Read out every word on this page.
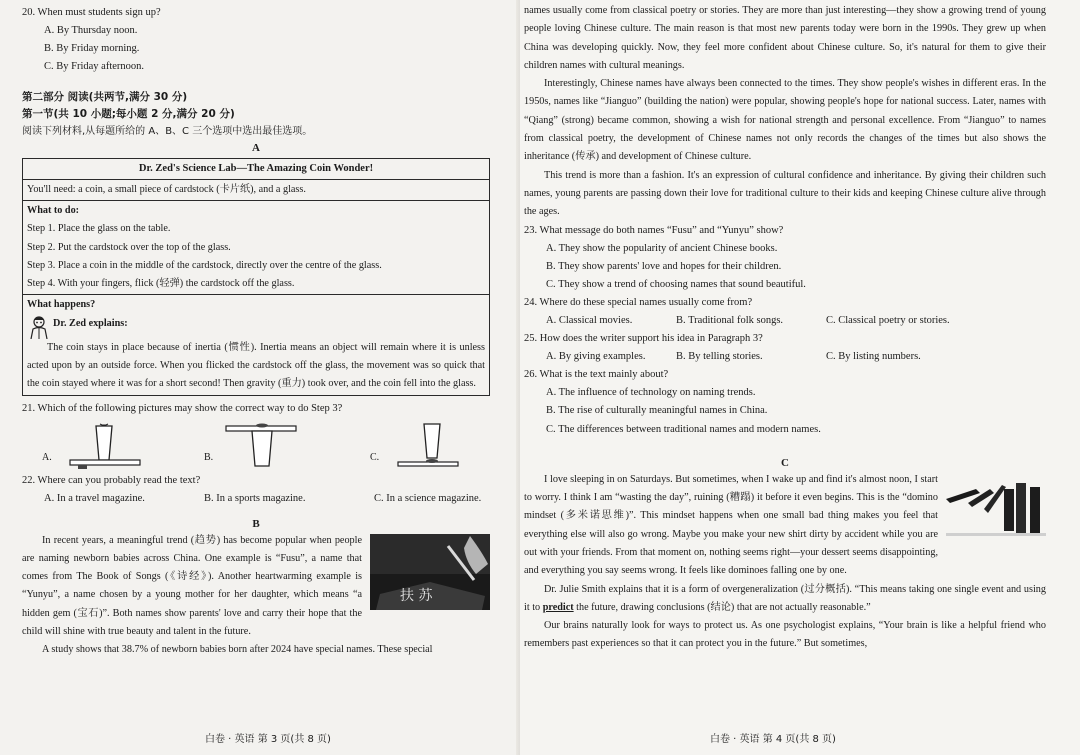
20. When must students sign up?
A. By Thursday noon.
B. By Friday morning.
C. By Friday afternoon.
第二部分 阅读(共两节,满分 30 分)
第一节(共 10 小题;每小题 2 分,满分 20 分)
阅读下列材料,从每题所给的 A、B、C 三个选项中选出最佳选项。
A
Dr. Zed's Science Lab—The Amazing Coin Wonder!
You'll need: a coin, a small piece of cardstock (卡片纸), and a glass.
What to do:
Step 1. Place the glass on the table.
Step 2. Put the cardstock over the top of the glass.
Step 3. Place a coin in the middle of the cardstock, directly over the centre of the glass.
Step 4. With your fingers, flick (轻弹) the cardstock off the glass.
What happens?
Dr. Zed explains:
The coin stays in place because of inertia (惯性). Inertia means an object will remain where it is unless acted upon by an outside force. When you flicked the cardstock off the glass, the movement was so quick that the coin stayed where it was for a short second! Then gravity (重力) took over, and the coin fell into the glass.
21. Which of the following pictures may show the correct way to do Step 3?
A.	B.	C.
22. Where can you probably read the text?
A. In a travel magazine.	B. In a sports magazine.	C. In a science magazine.
B
扶 苏
In recent years, a meaningful trend (趋势) has become popular when people are naming newborn babies across China. One example is “Fusu”, a name that comes from The Book of Songs (《诗经》). Another heartwarming example is “Yunyu”, a name chosen by a young mother for her daughter, which means “a hidden gem (宝石)”. Both names show parents' love and carry their hope that the child will shine with true beauty and talent in the future.
A study shows that 38.7% of newborn babies born after 2024 have special names. These special
白卷 · 英语 第 3 页(共 8 页)
names usually come from classical poetry or stories. They are more than just interesting—they show a growing trend of young people loving Chinese culture. The main reason is that most new parents today were born in the 1990s. They grew up when China was developing quickly. Now, they feel more confident about Chinese culture. So, it's natural for them to give their children names with cultural meanings.
Interestingly, Chinese names have always been connected to the times. They show people's wishes in different eras. In the 1950s, names like “Jianguo” (building the nation) were popular, showing people's hope for national success. Later, names with “Qiang” (strong) became common, showing a wish for national strength and personal excellence. From “Jianguo” to names from classical poetry, the development of Chinese names not only records the changes of the times but also shows the inheritance (传承) and development of Chinese culture.
This trend is more than a fashion. It's an expression of cultural confidence and inheritance. By giving their children such names, young parents are passing down their love for traditional culture to their kids and keeping Chinese culture alive through the ages.
23. What message do both names “Fusu” and “Yunyu” show?
A. They show the popularity of ancient Chinese books.
B. They show parents' love and hopes for their children.
C. They show a trend of choosing names that sound beautiful.
24. Where do these special names usually come from?
A. Classical movies.	B. Traditional folk songs.	C. Classical poetry or stories.
25. How does the writer support his idea in Paragraph 3?
A. By giving examples.	B. By telling stories.	C. By listing numbers.
26. What is the text mainly about?
A. The influence of technology on naming trends.
B. The rise of culturally meaningful names in China.
C. The differences between traditional names and modern names.
C
I love sleeping in on Saturdays. But sometimes, when I wake up and find it's almost noon, I start to worry. I think I am “wasting the day”, ruining (糟蹋) it before it even begins. This is the “domino mindset (多米诺思维)”. This mindset happens when one small bad thing makes you feel that everything else will also go wrong. Maybe you make your new shirt dirty by accident while you are out with your friends. From that moment on, nothing seems right—your dessert seems disappointing, and everything you say seems wrong. It feels like dominoes falling one by one.
Dr. Julie Smith explains that it is a form of overgeneralization (过分概括). “This means taking one single event and using it to predict the future, drawing conclusions (结论) that are not actually reasonable.”
Our brains naturally look for ways to protect us. As one psychologist explains, “Your brain is like a helpful friend who remembers past experiences so that it can protect you in the future.” But sometimes,
白卷 · 英语 第 4 页(共 8 页)
